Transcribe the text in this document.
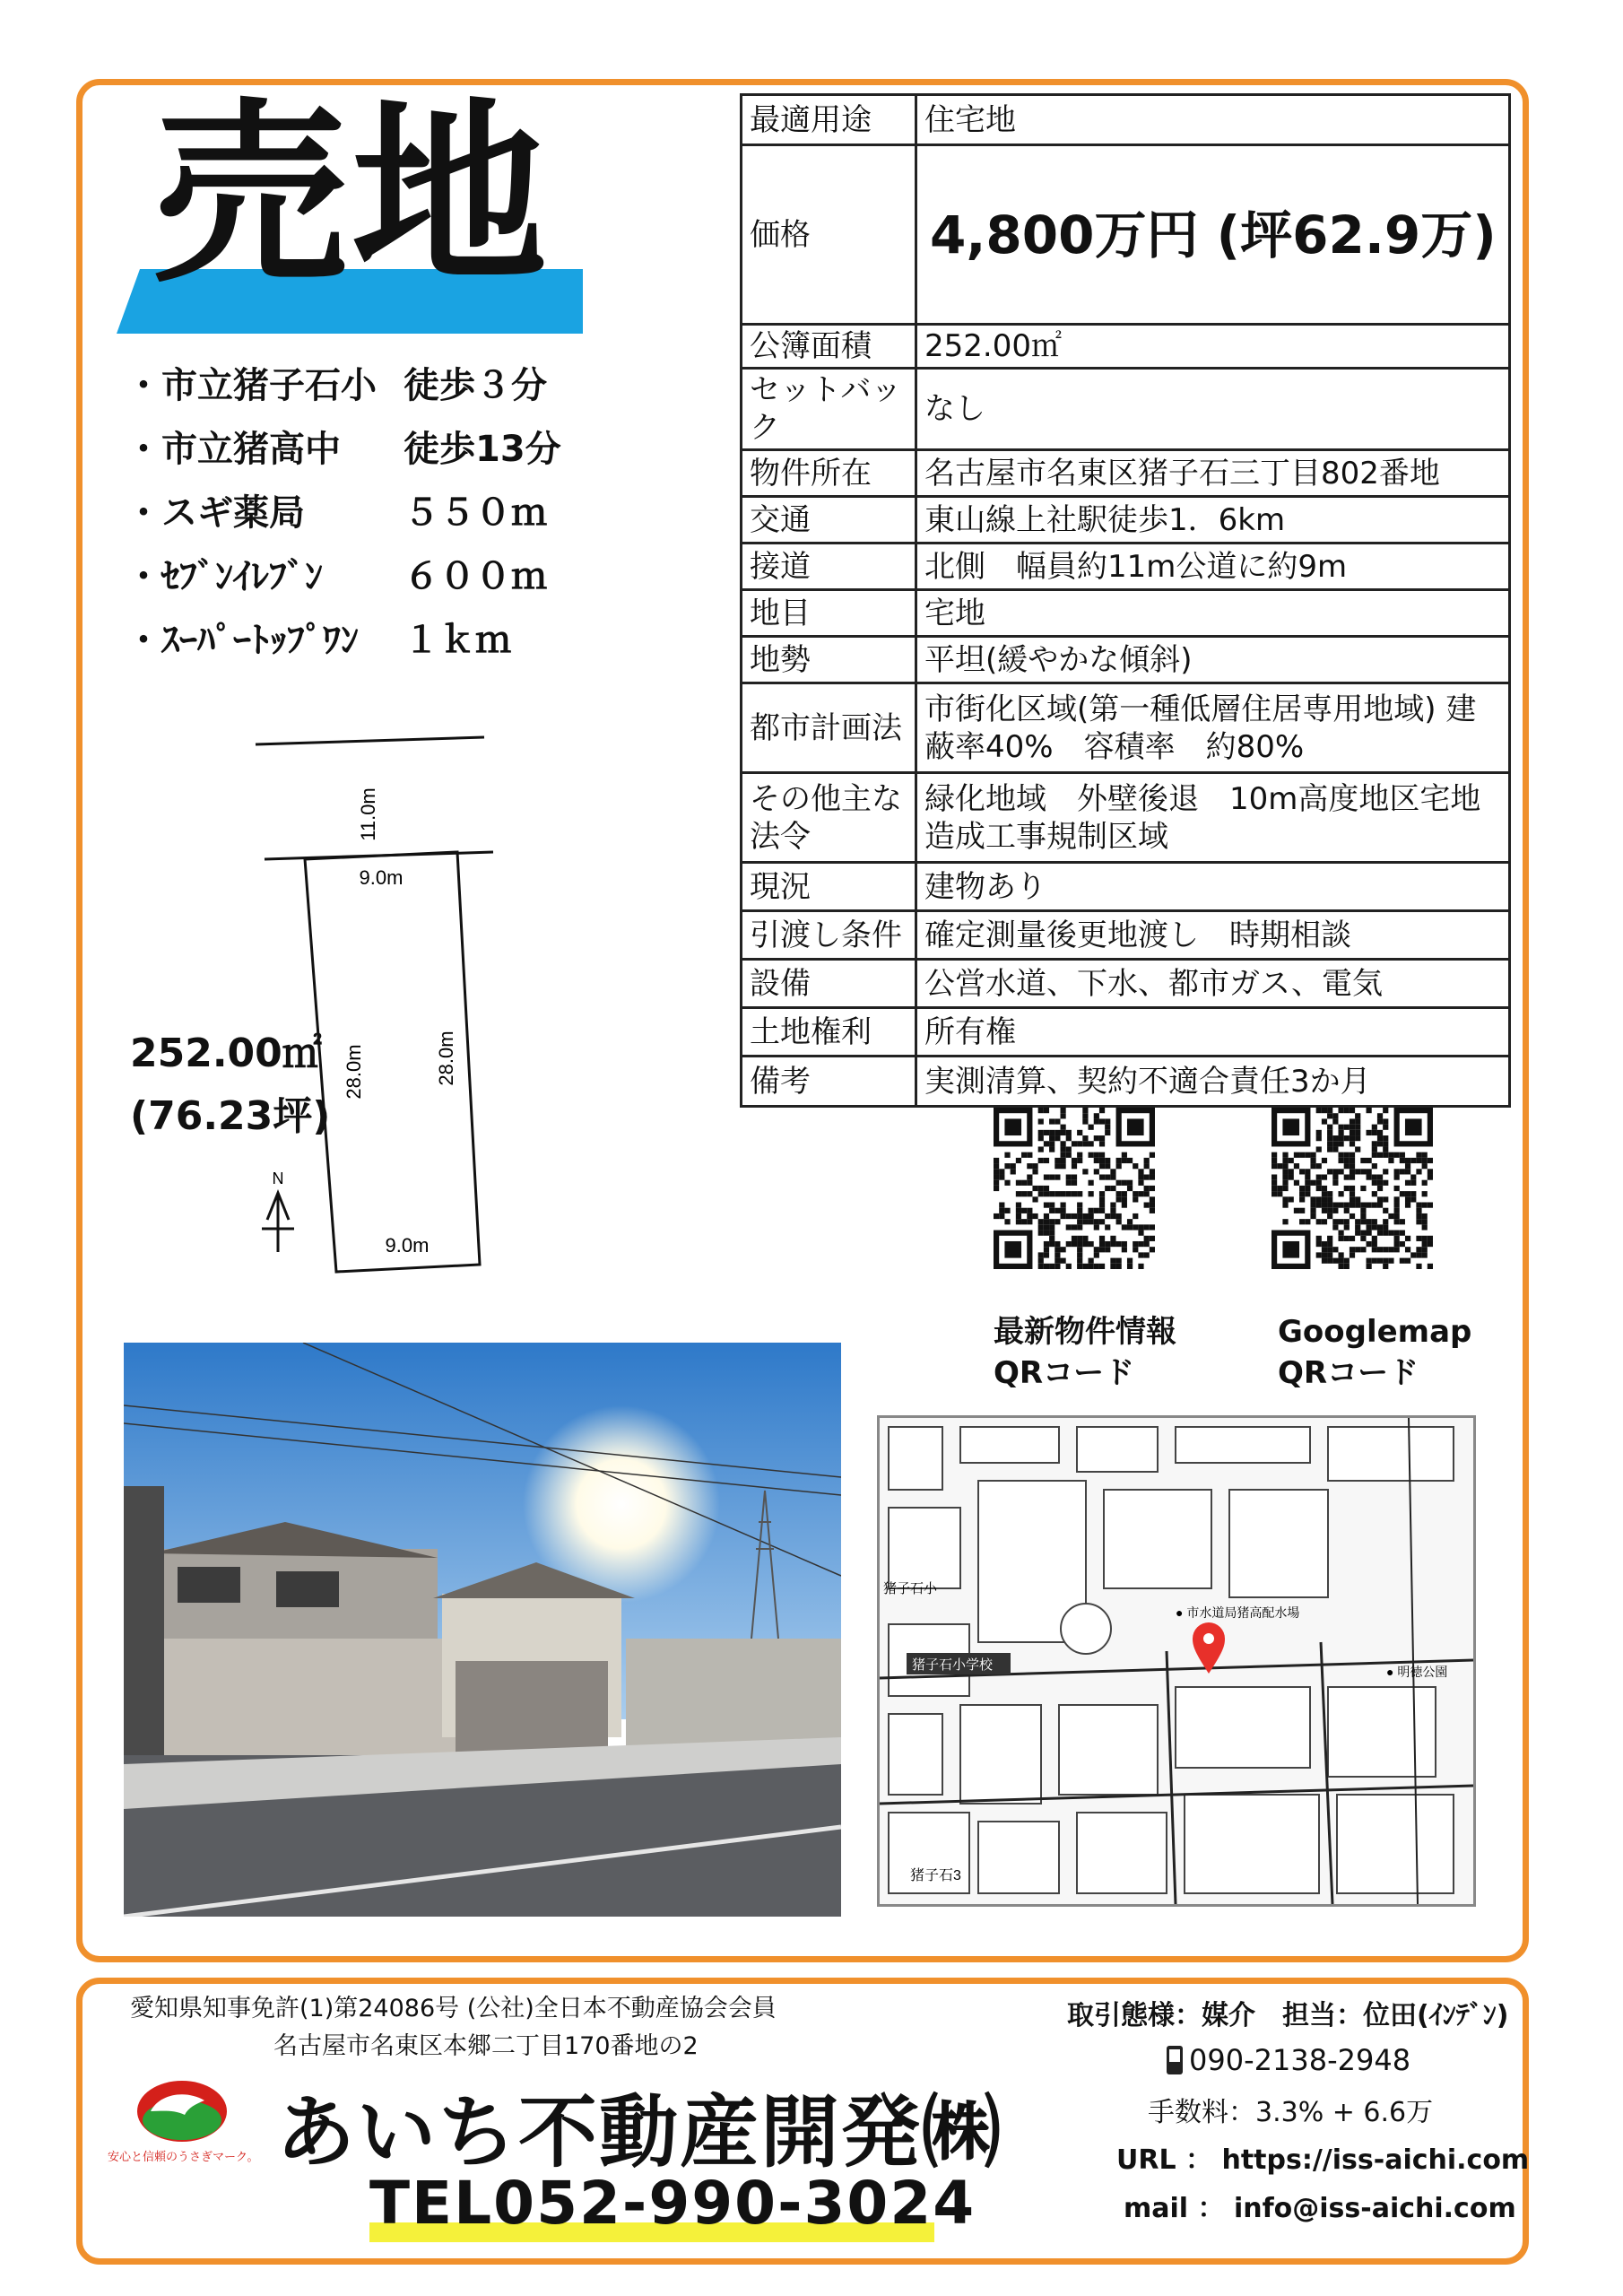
売地
・市立猪子石小 徒歩３分
・市立猪高中 徒歩13分
・スギ薬局	５５０ｍ
・ｾﾌﾞﾝｲﾚﾌﾞﾝ ６００ｍ
・ｽｰﾊﾟｰﾄｯﾌﾟﾜﾝ １ｋｍ
11.0m
9.0m
9.0m
28.0m	28.0m
N
252.00㎡
(76.23坪)
最適用途	住宅地
価格	4,800万円 (坪62.9万)
公簿面積	252.00㎡
セットバック	なし
物件所在	名古屋市名東区猪子石三丁目802番地
交通	東山線上社駅徒歩1．6km
接道	北側　幅員約11m公道に約9m
地目	宅地
地勢	平坦(緩やかな傾斜)
都市計画法	市街化区域(第一種低層住居専用地域) 建蔽率40%　容積率　約80%
その他主な法令	緑化地域　外壁後退　10m高度地区宅地造成工事規制区域
現況	建物あり
引渡し条件	確定測量後更地渡し　時期相談
設備	公営水道、下水、都市ガス、電気
土地権利	所有権
備考	実測清算、契約不適合責任3か月
最新物件情報
QRコード
Googlemap
QRコード
猪子石小学校
猪子石小
● 市水道局猪高配水場
● 明徳公園
猪子石3
愛知県知事免許(1)第24086号 (公社)全日本不動産協会会員
名古屋市名東区本郷二丁目170番地の2
安心と信頼のうさぎマーク。 あいち不動産開発㈱
TEL052-990-3024
取引態様：媒介　担当：位田(ｲﾝﾃﾞﾝ)
090-2138-2948
手数料：3.3% + 6.6万
URL ： https://iss-aichi.com
mail ： info@iss-aichi.com
